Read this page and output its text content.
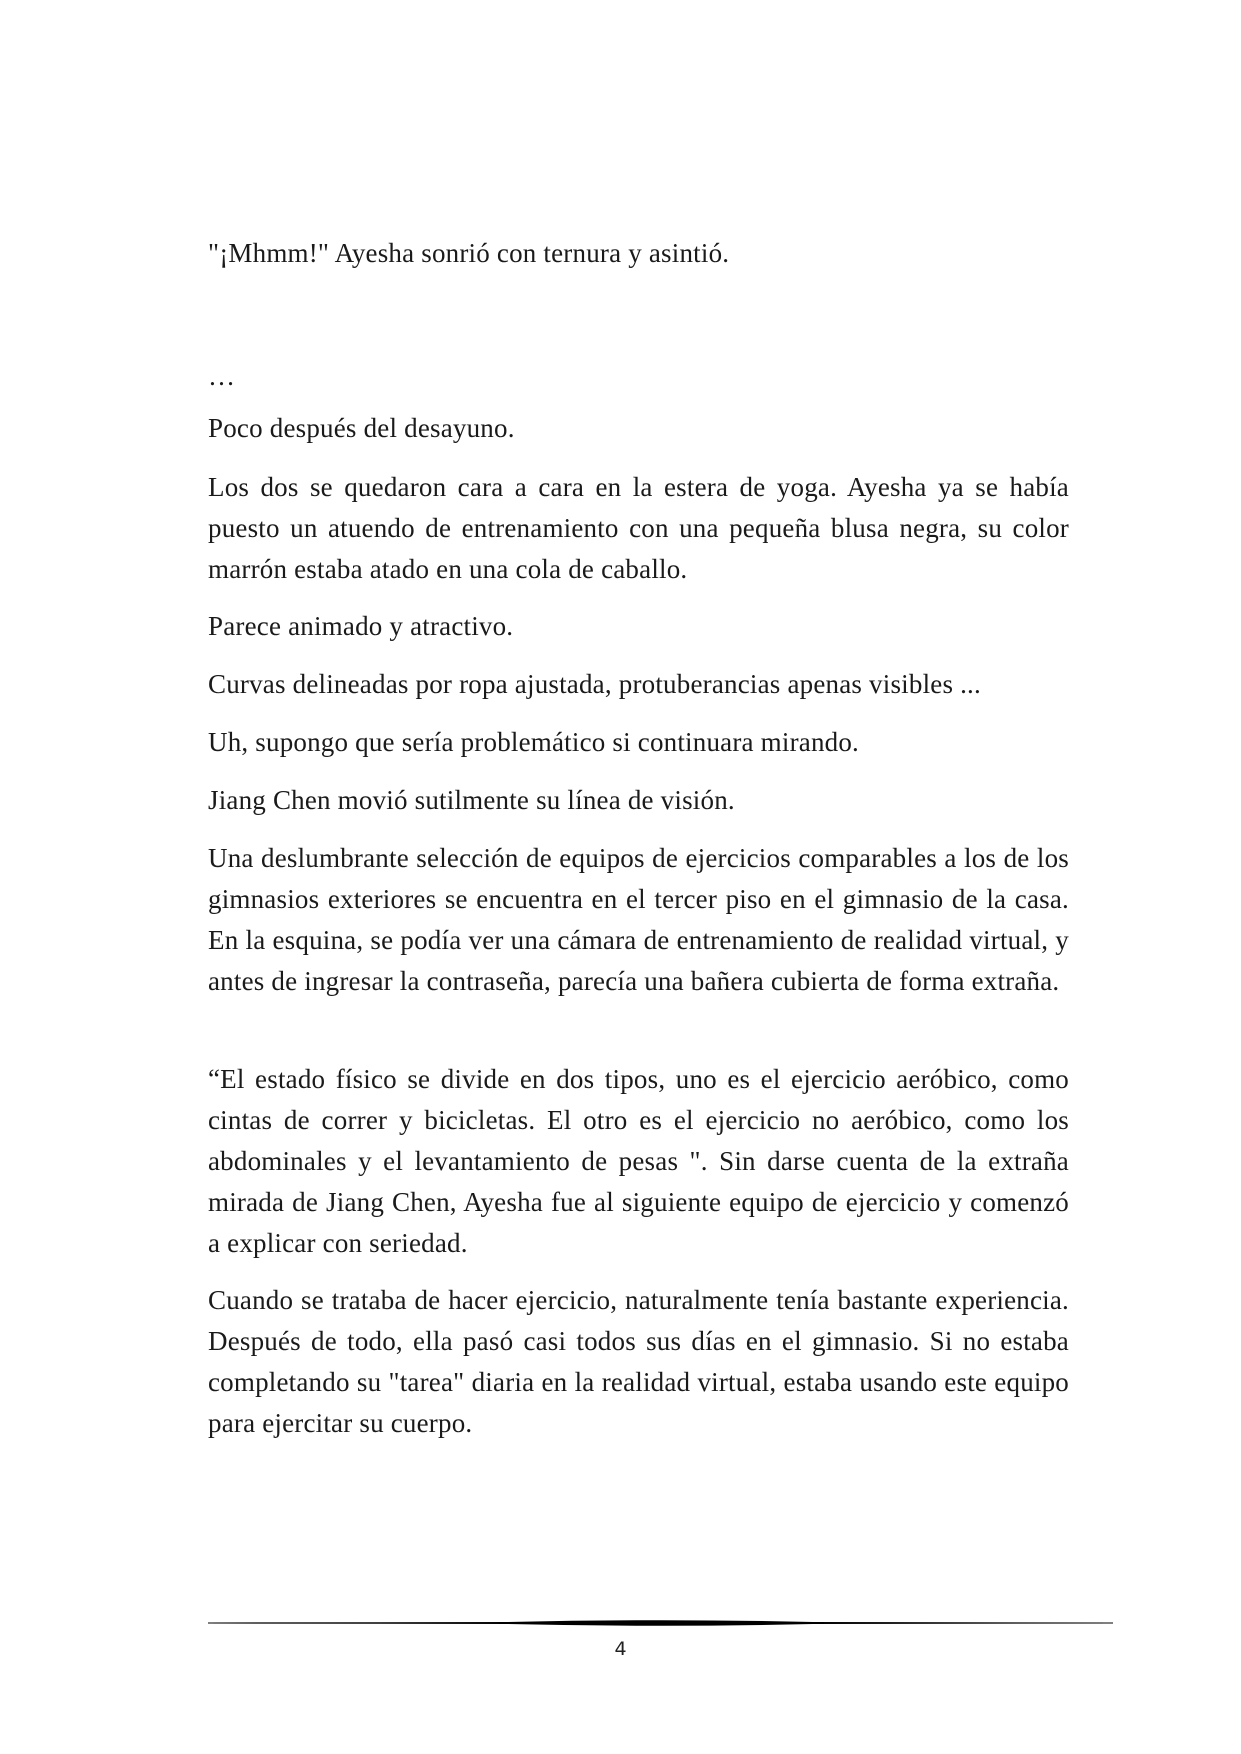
"¡Mhmm!" Ayesha sonrió con ternura y asintió.

…

Poco después del desayuno.

Los dos se quedaron cara a cara en la estera de yoga. Ayesha ya se había puesto un atuendo de entrenamiento con una pequeña blusa negra, su color marrón estaba atado en una cola de caballo.

Parece animado y atractivo.

Curvas delineadas por ropa ajustada, protuberancias apenas visibles ...

Uh, supongo que sería problemático si continuara mirando.

Jiang Chen movió sutilmente su línea de visión.

Una deslumbrante selección de equipos de ejercicios comparables a los de los gimnasios exteriores se encuentra en el tercer piso en el gimnasio de la casa. En la esquina, se podía ver una cámara de entrenamiento de realidad virtual, y antes de ingresar la contraseña, parecía una bañera cubierta de forma extraña.

“El estado físico se divide en dos tipos, uno es el ejercicio aeróbico, como cintas de correr y bicicletas. El otro es el ejercicio no aeróbico, como los abdominales y el levantamiento de pesas ". Sin darse cuenta de la extraña mirada de Jiang Chen, Ayesha fue al siguiente equipo de ejercicio y comenzó a explicar con seriedad.

Cuando se trataba de hacer ejercicio, naturalmente tenía bastante experiencia. Después de todo, ella pasó casi todos sus días en el gimnasio. Si no estaba completando su "tarea" diaria en la realidad virtual, estaba usando este equipo para ejercitar su cuerpo.

4
